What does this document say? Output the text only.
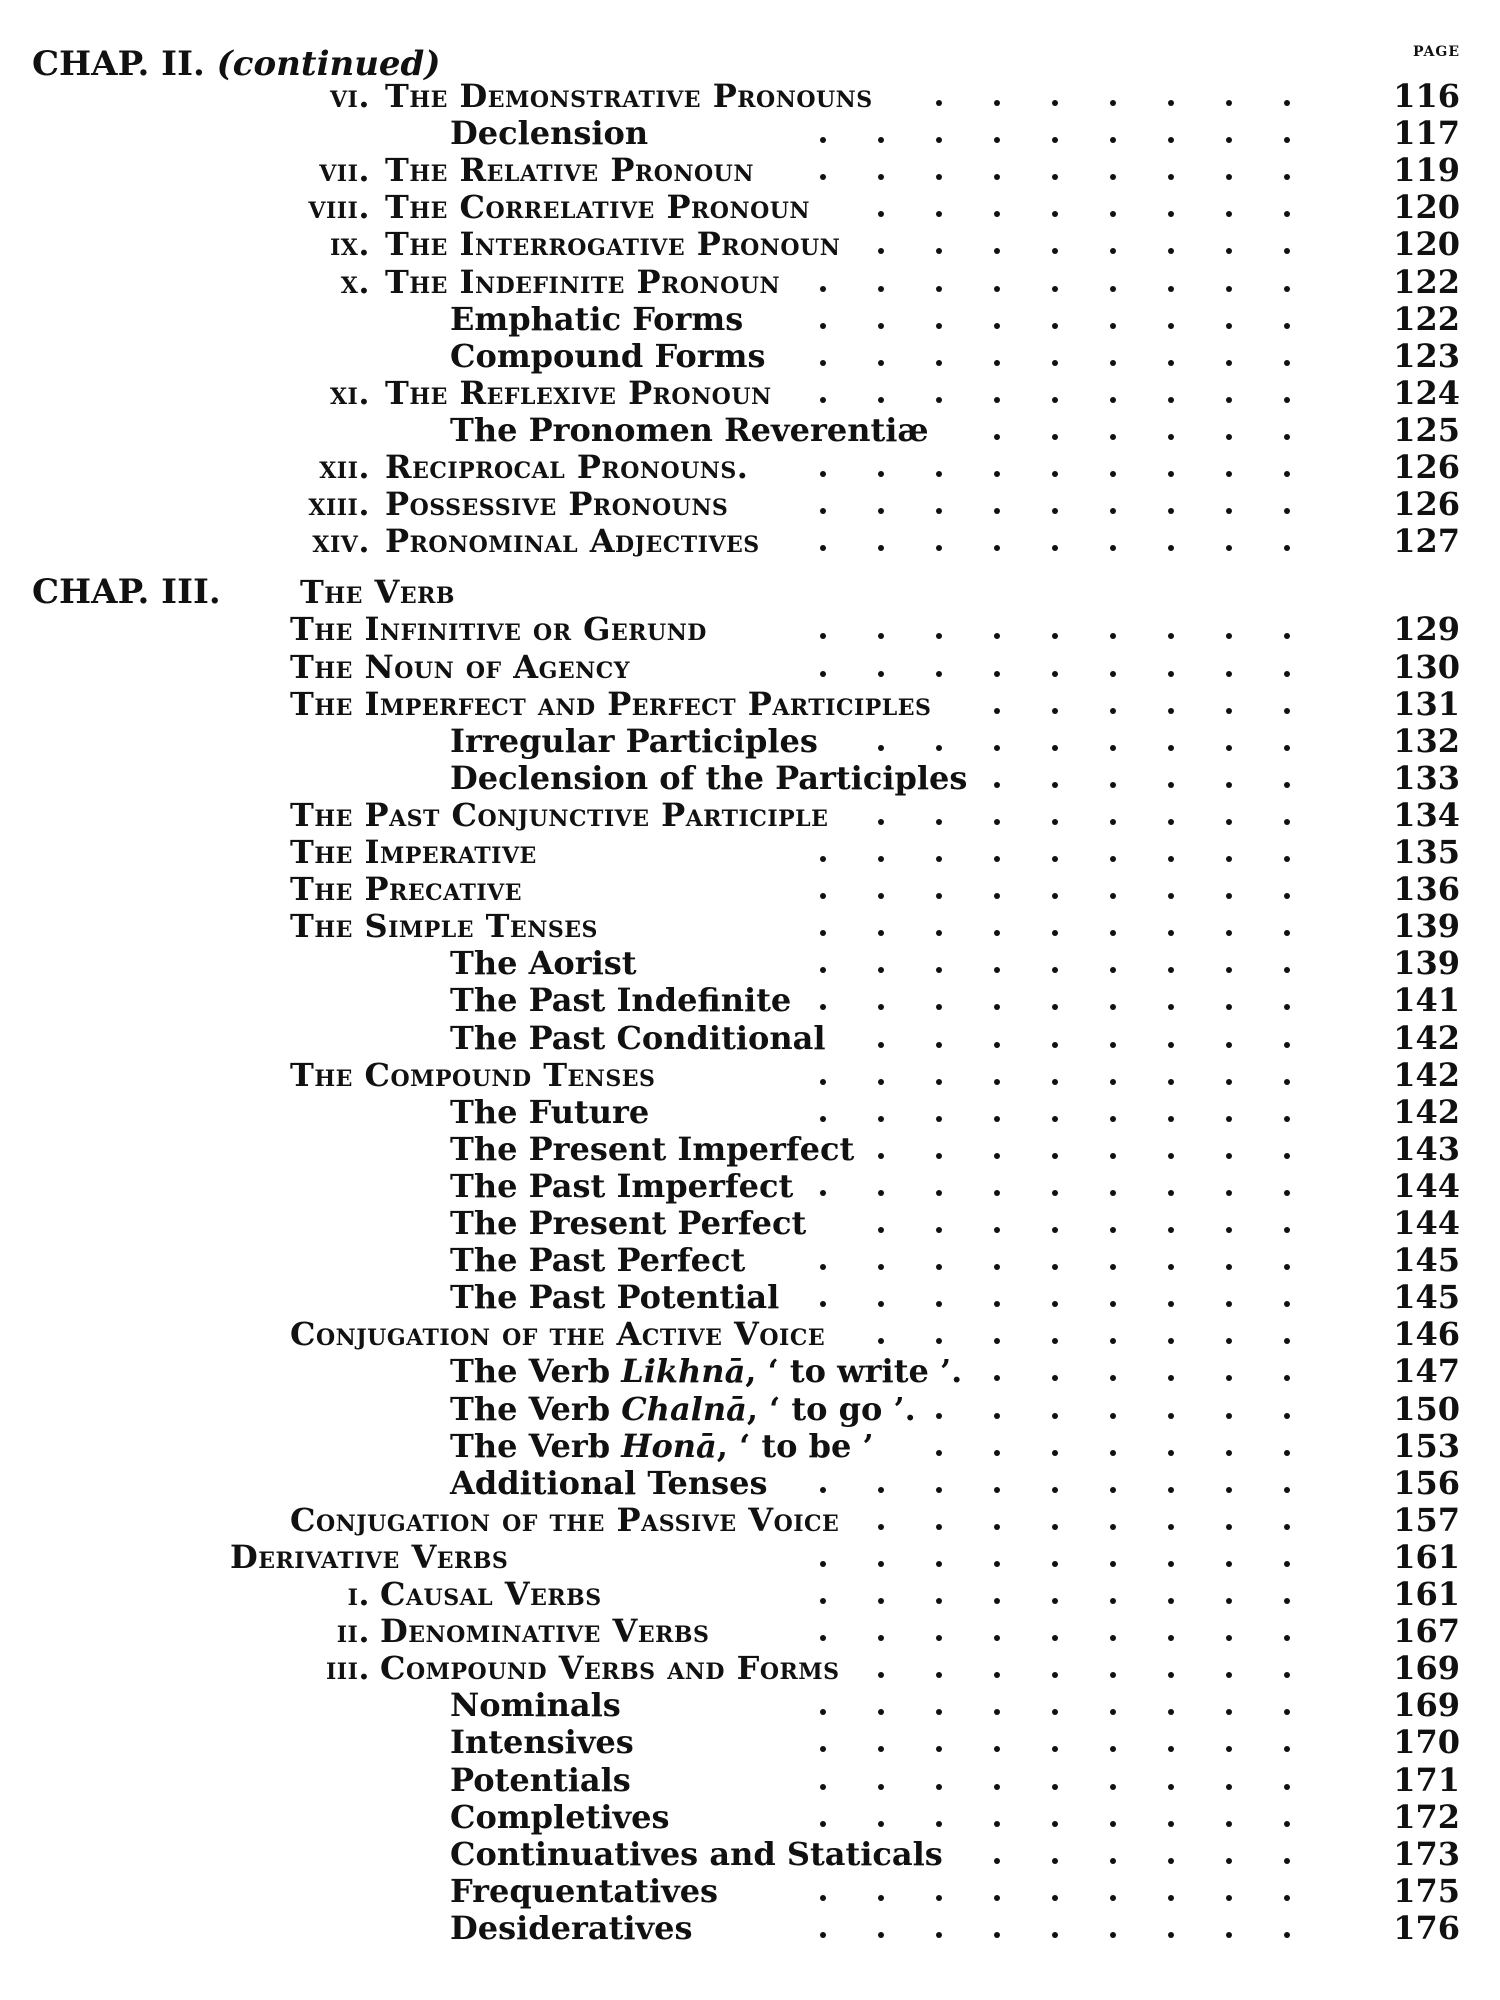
CHAP. II. (continued)	PAGE
vi. The Demonstrative Pronouns	116
Declension	117
vii. The Relative Pronoun	119
viii. The Correlative Pronoun	120
ix. The Interrogative Pronoun	120
x. The Indefinite Pronoun	122
Emphatic Forms	122
Compound Forms	123
xi. The Reflexive Pronoun	124
The Pronomen Reverentiæ	125
xii. Reciprocal Pronouns.	126
xiii. Possessive Pronouns	126
xiv. Pronominal Adjectives	127
CHAP. III. The Verb
The Infinitive or Gerund	129
The Noun of Agency	130
The Imperfect and Perfect Participles	131
Irregular Participles	132
Declension of the Participles	133
The Past Conjunctive Participle	134
The Imperative	135
The Precative	136
The Simple Tenses	139
The Aorist	139
The Past Indefinite	141
The Past Conditional	142
The Compound Tenses	142
The Future	142
The Present Imperfect	143
The Past Imperfect	144
The Present Perfect	144
The Past Perfect	145
The Past Potential	145
Conjugation of the Active Voice	146
The Verb Likhnā, ‘ to write ’.	147
The Verb Chalnā, ‘ to go ’.	150
The Verb Honā, ‘ to be ’	153
Additional Tenses	156
Conjugation of the Passive Voice	157
Derivative Verbs	161
i. Causal Verbs	161
ii. Denominative Verbs	167
iii. Compound Verbs and Forms	169
Nominals	169
Intensives	170
Potentials	171
Completives	172
Continuatives and Staticals	173
Frequentatives	175
Desideratives	176
